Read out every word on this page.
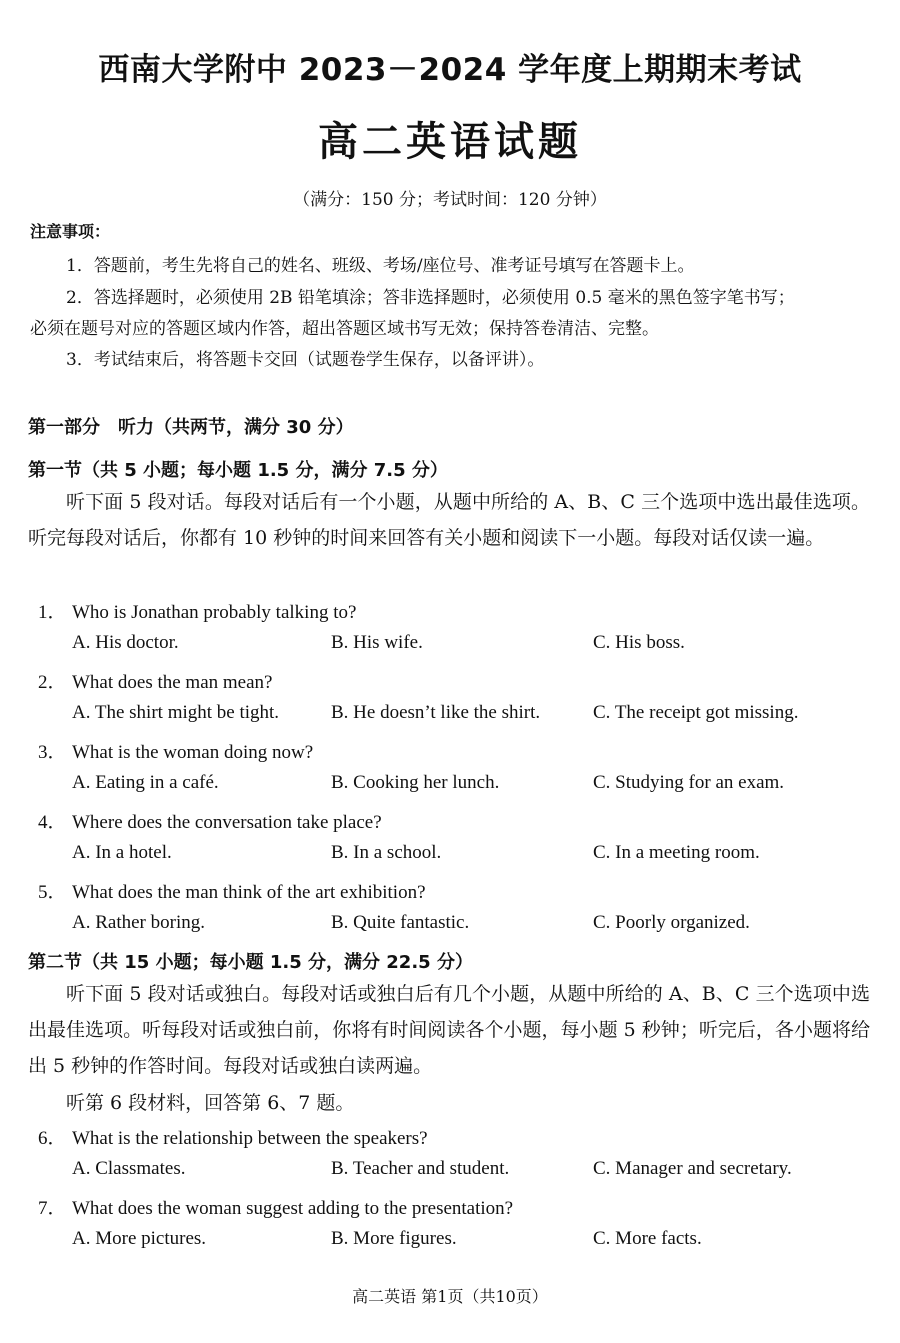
西南大学附中 2023－2024 学年度上期期末考试
高二英语试题
（满分：150 分；考试时间：120 分钟）
注意事项：
1．答题前，考生先将自己的姓名、班级、考场/座位号、准考证号填写在答题卡上。
2．答选择题时，必须使用 2B 铅笔填涂；答非选择题时，必须使用 0.5 毫米的黑色签字笔书写；
必须在题号对应的答题区域内作答，超出答题区域书写无效；保持答卷清洁、完整。
3．考试结束后，将答题卡交回（试题卷学生保存，以备评讲）。
第一部分　听力（共两节，满分 30 分）
第一节（共 5 小题；每小题 1.5 分，满分 7.5 分）
听下面 5 段对话。每段对话后有一个小题，从题中所给的 A、B、C 三个选项中选出最佳选项。听完每段对话后，你都有 10 秒钟的时间来回答有关小题和阅读下一小题。每段对话仅读一遍。
1． Who is Jonathan probably talking to?
A. His doctor.	B. His wife.	C. His boss.
2． What does the man mean?
A. The shirt might be tight.	B. He doesn’t like the shirt.	C. The receipt got missing.
3． What is the woman doing now?
A. Eating in a café.	B. Cooking her lunch.	C. Studying for an exam.
4． Where does the conversation take place?
A. In a hotel.	B. In a school.	C. In a meeting room.
5． What does the man think of the art exhibition?
A. Rather boring.	B. Quite fantastic.	C. Poorly organized.
第二节（共 15 小题；每小题 1.5 分，满分 22.5 分）
听下面 5 段对话或独白。每段对话或独白后有几个小题，从题中所给的 A、B、C 三个选项中选出最佳选项。听每段对话或独白前，你将有时间阅读各个小题，每小题 5 秒钟；听完后，各小题将给出 5 秒钟的作答时间。每段对话或独白读两遍。
听第 6 段材料，回答第 6、7 题。
6． What is the relationship between the speakers?
A. Classmates.	B. Teacher and student.	C. Manager and secretary.
7． What does the woman suggest adding to the presentation?
A. More pictures.	B. More figures.	C. More facts.
高二英语 第1页（共10页）
